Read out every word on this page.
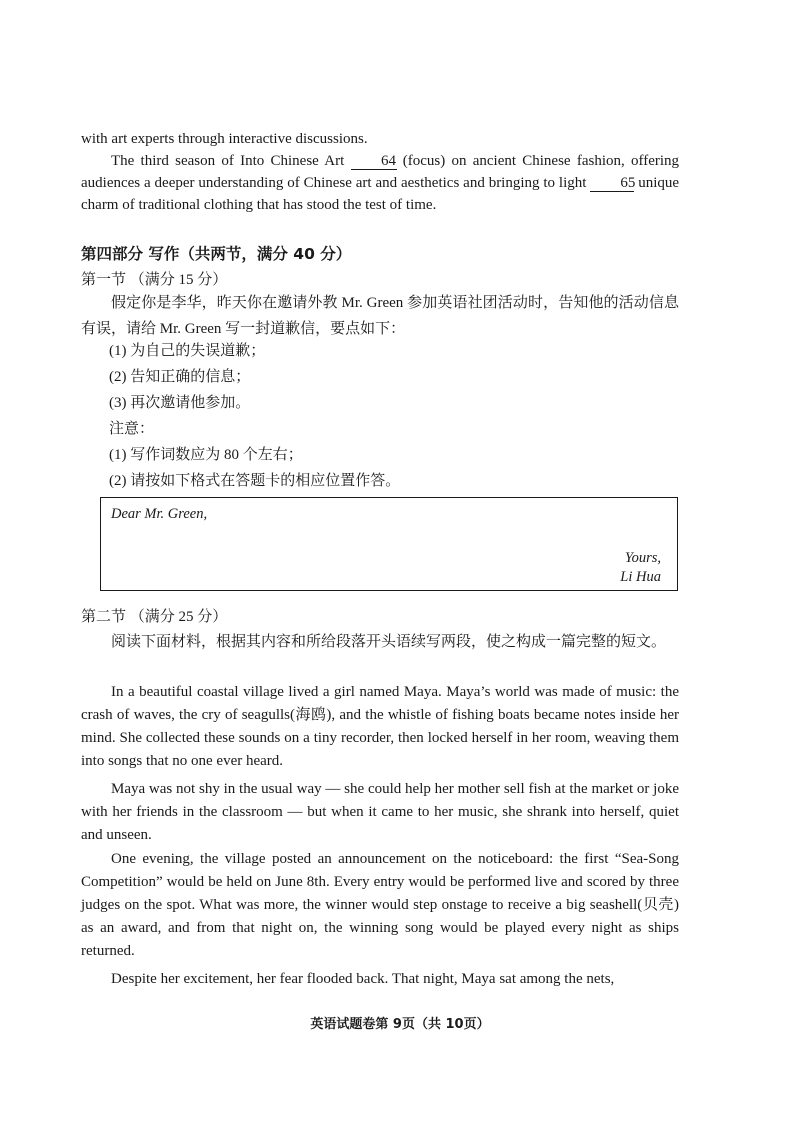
with art experts through interactive discussions.

The third season of Into Chinese Art 64 (focus) on ancient Chinese fashion, offering audiences a deeper understanding of Chinese art and aesthetics and bringing to light 65 unique charm of traditional clothing that has stood the test of time.

第四部分 写作（共两节，满分 40 分）
第一节 （满分 15 分）

假定你是李华，昨天你在邀请外教 Mr. Green 参加英语社团活动时，告知他的活动信息有误，请给 Mr. Green 写一封道歉信，要点如下：

(1) 为自己的失误道歉；
(2) 告知正确的信息；
(3) 再次邀请他参加。
注意：
(1) 写作词数应为 80 个左右；
(2) 请按如下格式在答题卡的相应位置作答。
Dear Mr. Green,
Yours,
Li Hua
第二节 （满分 25 分）

阅读下面材料，根据其内容和所给段落开头语续写两段，使之构成一篇完整的短文。

In a beautiful coastal village lived a girl named Maya. Maya’s world was made of music: the crash of waves, the cry of seagulls(海鸥), and the whistle of fishing boats became notes inside her mind. She collected these sounds on a tiny recorder, then locked herself in her room, weaving them into songs that no one ever heard.

Maya was not shy in the usual way — she could help her mother sell fish at the market or joke with her friends in the classroom — but when it came to her music, she shrank into herself, quiet and unseen.

One evening, the village posted an announcement on the noticeboard: the first “Sea-Song Competition” would be held on June 8th. Every entry would be performed live and scored by three judges on the spot. What was more, the winner would step onstage to receive a big seashell(贝壳) as an award, and from that night on, the winning song would be played every night as ships returned.

Despite her excitement, her fear flooded back. That night, Maya sat among the nets,

英语试题卷第 9页（共 10页）
